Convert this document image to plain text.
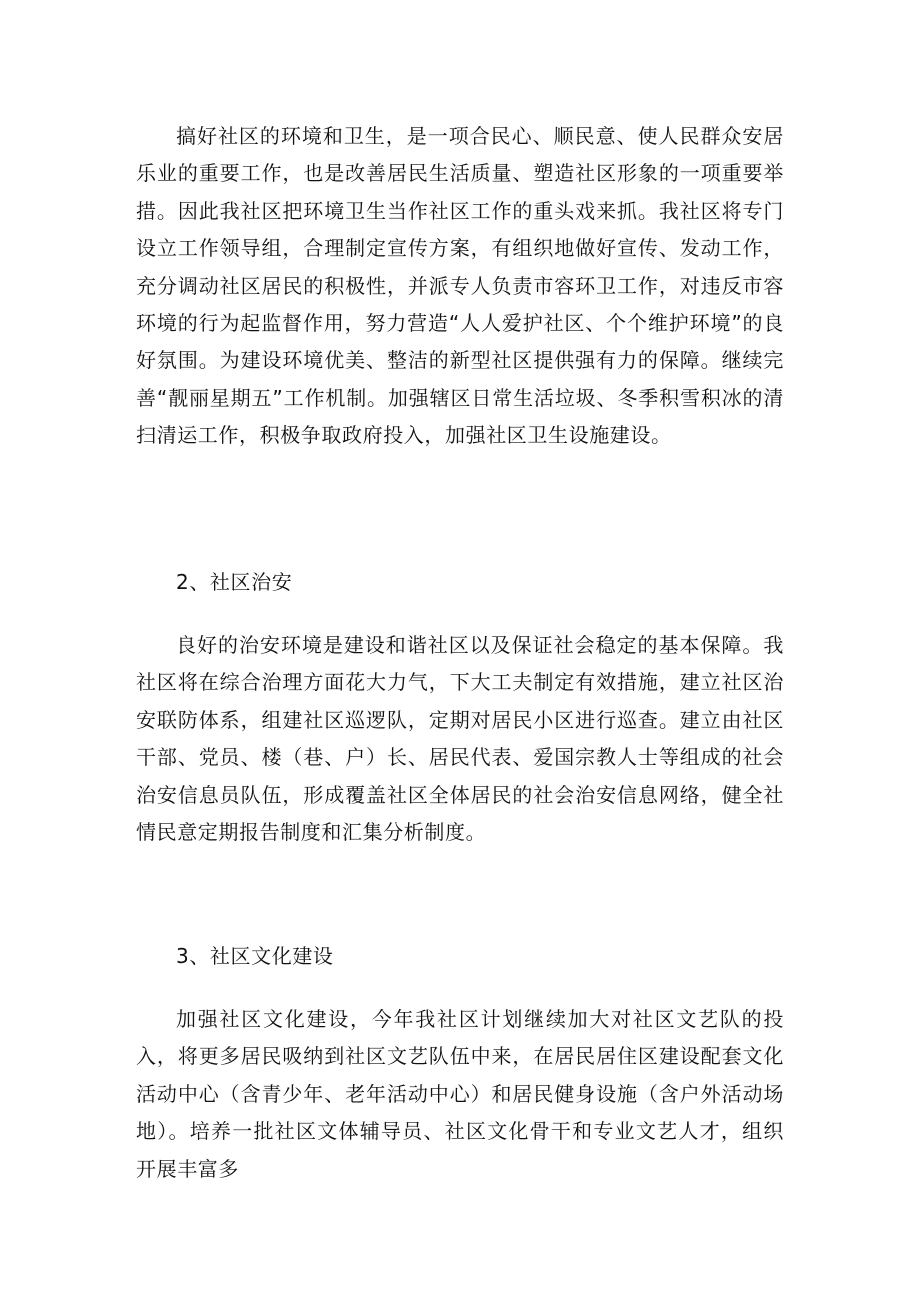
搞好社区的环境和卫生，是一项合民心、顺民意、使人民群众安居乐业的重要工作，也是改善居民生活质量、塑造社区形象的一项重要举措。因此我社区把环境卫生当作社区工作的重头戏来抓。我社区将专门设立工作领导组，合理制定宣传方案，有组织地做好宣传、发动工作，充分调动社区居民的积极性，并派专人负责市容环卫工作，对违反市容环境的行为起监督作用，努力营造“人人爱护社区、个个维护环境”的良好氛围。为建设环境优美、整洁的新型社区提供强有力的保障。继续完善“靓丽星期五”工作机制。加强辖区日常生活垃圾、冬季积雪积冰的清扫清运工作，积极争取政府投入，加强社区卫生设施建设。

2、社区治安

良好的治安环境是建设和谐社区以及保证社会稳定的基本保障。我社区将在综合治理方面花大力气，下大工夫制定有效措施，建立社区治安联防体系，组建社区巡逻队，定期对居民小区进行巡查。建立由社区干部、党员、楼（巷、户）长、居民代表、爱国宗教人士等组成的社会治安信息员队伍，形成覆盖社区全体居民的社会治安信息网络，健全社情民意定期报告制度和汇集分析制度。

3、社区文化建设

加强社区文化建设，今年我社区计划继续加大对社区文艺队的投入，将更多居民吸纳到社区文艺队伍中来，在居民居住区建设配套文化活动中心（含青少年、老年活动中心）和居民健身设施（含户外活动场地）。培养一批社区文体辅导员、社区文化骨干和专业文艺人才，组织开展丰富多
